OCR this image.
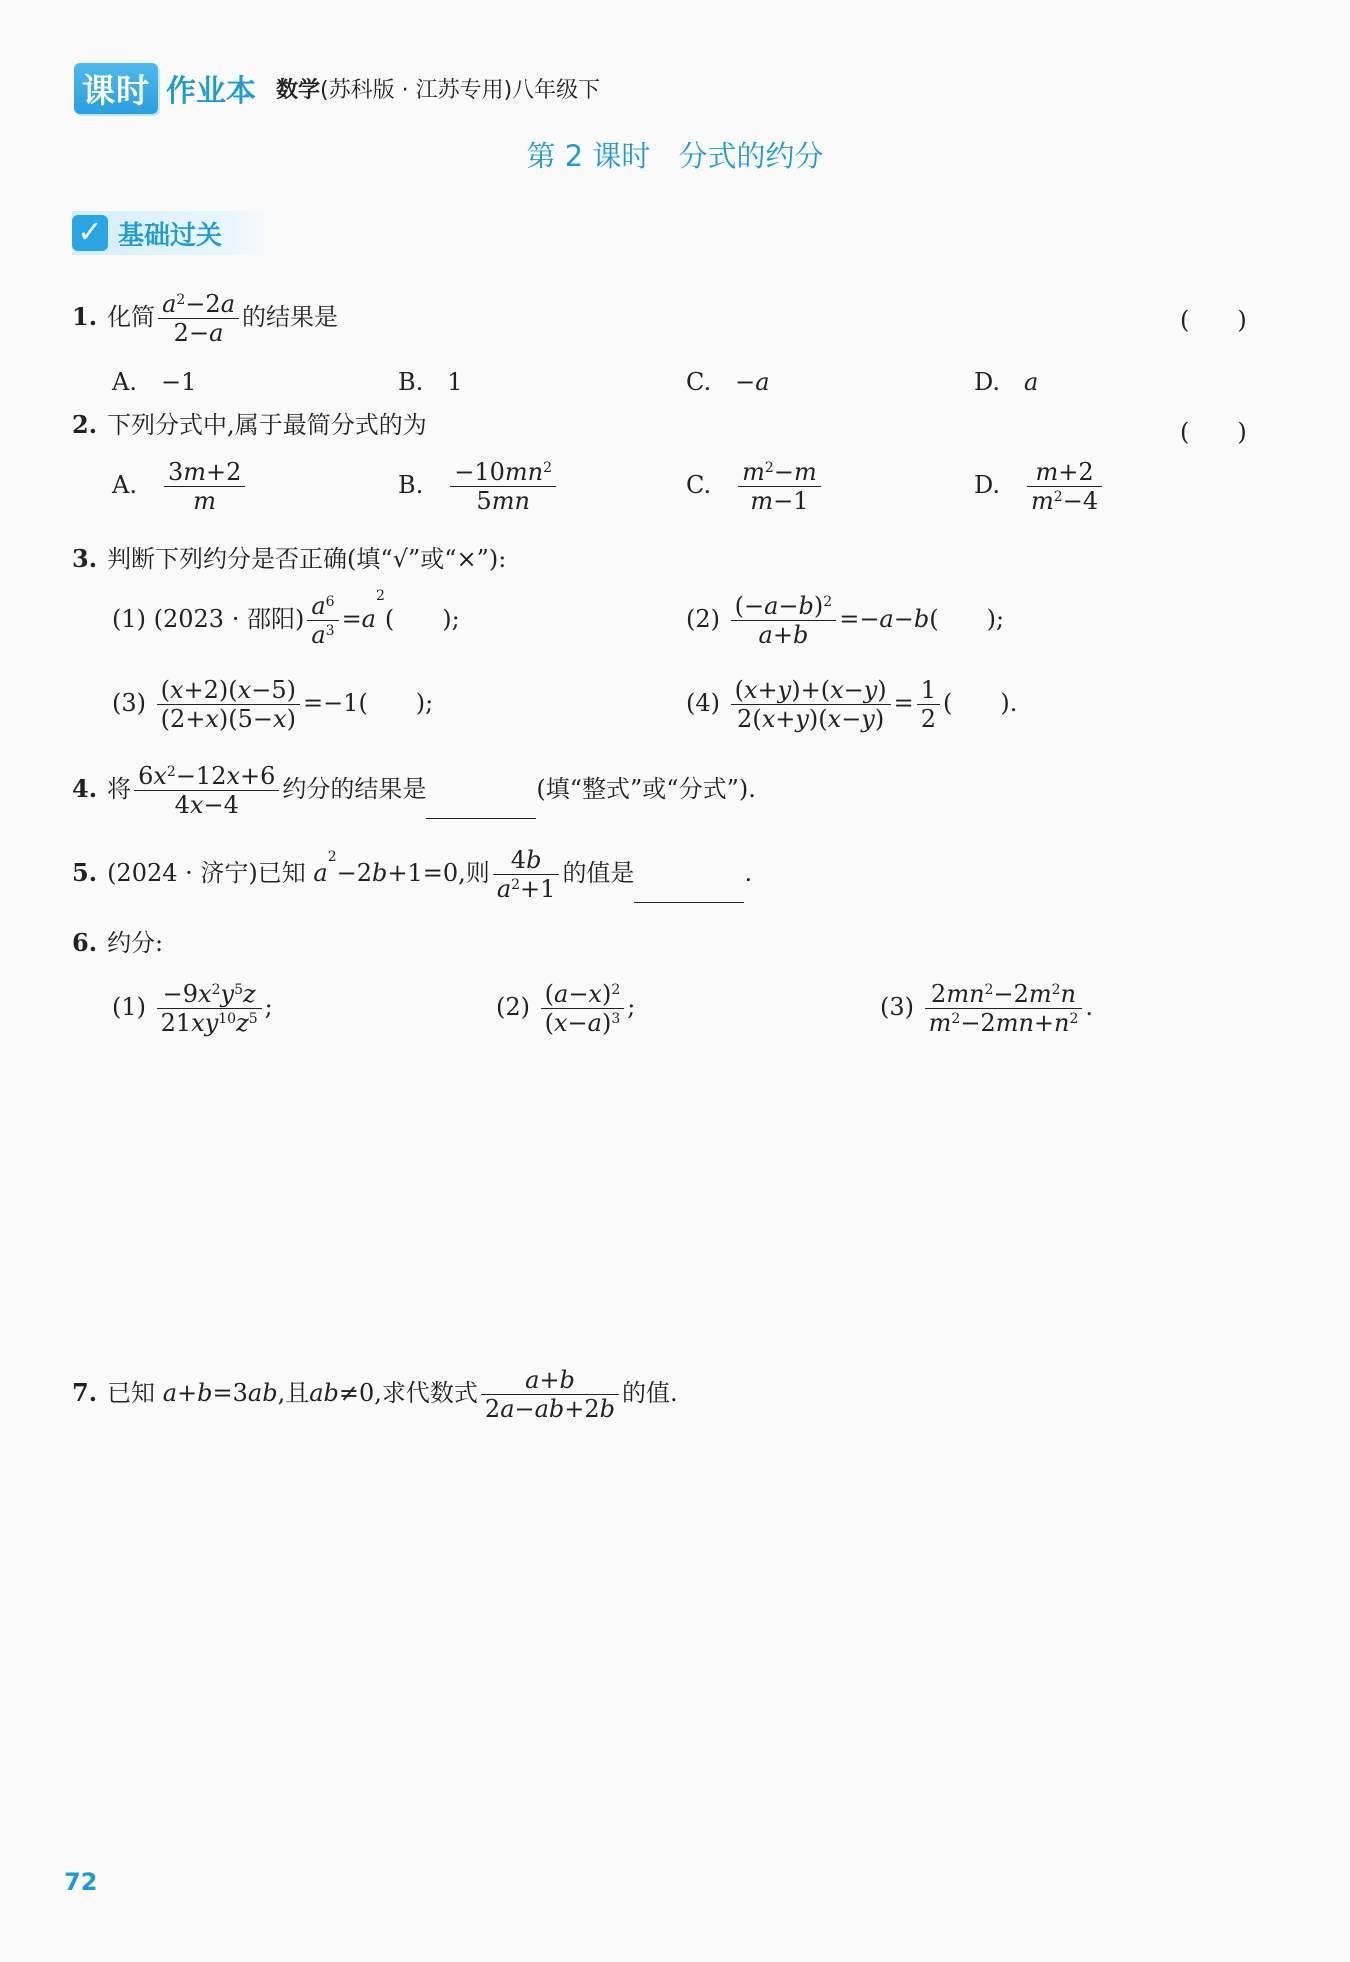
课时 作业本 数学(苏科版 · 江苏专用)八年级下
第 2 课时 分式的约分
✓ 基础过关
1. 化简 $\frac{a^2-2a}{2-a}$ 的结果是	(　　)
A.　−1	B.　1	C.　−a	D.　 a
2. 下列分式中,属于最简分式的为	(　　)
A.　 $\frac{3m+2}{m}$	B.　 $\frac{-10mn^2}{5mn}$	C.　 $\frac{m^2-m}{m-1}$	D.　 $\frac{m+2}{m^2-4}$
3. 判断下列约分是否正确(填“√”或“×”):
(1) (2023 · 邵阳) $\frac{a^6}{a^3} =a^2$(　　);	$(2) \frac{(-a-b)^2}{a+b} =-a-b$(　　);
$(3) \frac{(x+2)(x-5)}{(2+x)(5-x)} =-1$(　　);	$(4) \frac{(x+y)+(x-y)}{2(x+y)(x-y)} = \frac{1}{2}$ (　　).
4. 将 $\frac{6x^2-12x+6}{4x-4}$ 约分的结果是	(填“整式”或“分式”).
5. (2024 · 济宁)已知 $a^2-2b+1=0$,则 $\frac{4b}{a^2+1}$ 的值是	.
6. 约分:
$(1) \frac{-9x^2y^5z}{21xy^{10}z^5}$ ;	$(2) \frac{(a-x)^2}{(x-a)^3}$ ;	$(3) \frac{2mn^2-2m^2n}{m^2-2mn+n^2}$ .
7. 已知 a+b=3ab,且ab≠0,求代数式 $\frac{a+b}{2a-ab+2b}$ 的值.
72
